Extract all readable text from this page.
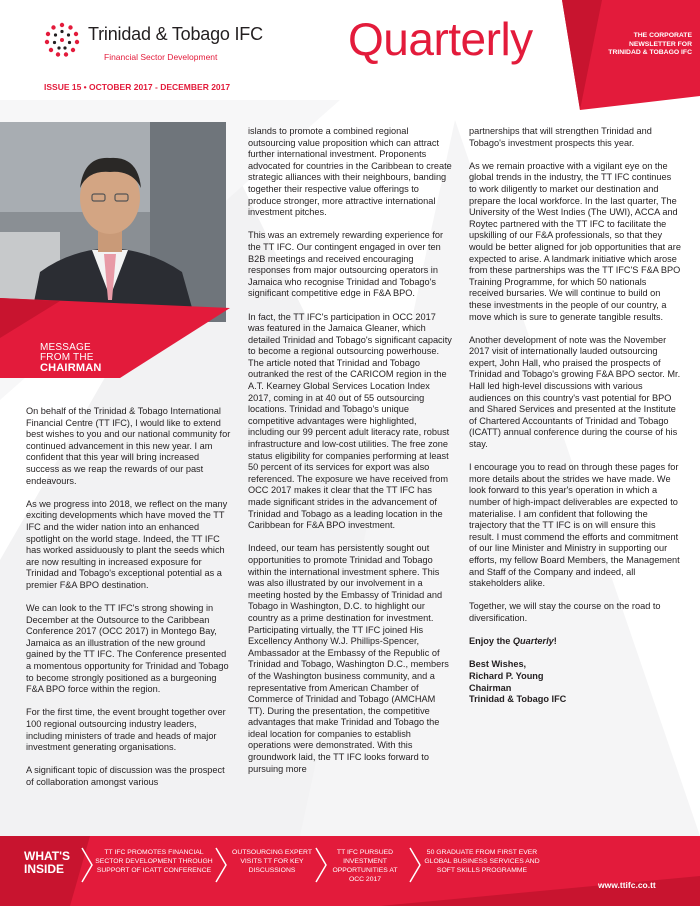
Trinidad & Tobago IFC
Financial Sector Development	Quarterly	THE CORPORATE NEWSLETTER FOR TRINIDAD & TOBAGO IFC
ISSUE 15 • OCTOBER 2017 - DECEMBER 2017
MESSAGE
FROM THE
CHAIRMAN

On behalf of the Trinidad & Tobago International Financial Centre (TT IFC), I would like to extend best wishes to you and our national community for continued advancement in this new year. I am confident that this year will bring increased success as we reap the rewards of our past endeavours.

As we progress into 2018, we reflect on the many exciting developments which have moved the TT IFC and the wider nation into an enhanced spotlight on the world stage. Indeed, the TT IFC has worked assiduously to plant the seeds which are now resulting in increased exposure for Trinidad and Tobago's exceptional potential as a premier F&A BPO destination.

We can look to the TT IFC's strong showing in December at the Outsource to the Caribbean Conference 2017 (OCC 2017) in Montego Bay, Jamaica as an illustration of the new ground gained by the TT IFC. The Conference presented a momentous opportunity for Trinidad and Tobago to become strongly positioned as a burgeoning F&A BPO force within the region.

For the first time, the event brought together over 100 regional outsourcing industry leaders, including ministers of trade and heads of major investment generating organisations.

A significant topic of discussion was the prospect of collaboration amongst various

islands to promote a combined regional outsourcing value proposition which can attract further international investment. Proponents advocated for countries in the Caribbean to create strategic alliances with their neighbours, banding together their respective value offerings to produce stronger, more attractive international investment pitches.

This was an extremely rewarding experience for the TT IFC. Our contingent engaged in over ten B2B meetings and received encouraging responses from major outsourcing operators in Jamaica who recognise Trinidad and Tobago's significant competitive edge in F&A BPO.

In fact, the TT IFC's participation in OCC 2017 was featured in the Jamaica Gleaner, which detailed Trinidad and Tobago's significant capacity to become a regional outsourcing powerhouse. The article noted that Trinidad and Tobago outranked the rest of the CARICOM region in the A.T. Kearney Global Services Location Index 2017, coming in at 40 out of 55 outsourcing locations. Trinidad and Tobago's unique competitive advantages were highlighted, including our 99 percent adult literacy rate, robust infrastructure and low-cost utilities. The free zone status eligibility for companies performing at least 50 percent of its services for export was also referenced. The exposure we have received from OCC 2017 makes it clear that the TT IFC has made significant strides in the advancement of Trinidad and Tobago as a leading location in the Caribbean for F&A BPO investment.

Indeed, our team has persistently sought out opportunities to promote Trinidad and Tobago within the international investment sphere. This was also illustrated by our involvement in a meeting hosted by the Embassy of Trinidad and Tobago in Washington, D.C. to highlight our country as a prime destination for investment. Participating virtually, the TT IFC joined His Excellency Anthony W.J. Phillips-Spencer, Ambassador at the Embassy of the Republic of Trinidad and Tobago, Washington D.C., members of the Washington business community, and a representative from American Chamber of Commerce of Trinidad and Tobago (AMCHAM TT). During the presentation, the competitive advantages that make Trinidad and Tobago the ideal location for companies to establish operations were demonstrated. With this groundwork laid, the TT IFC looks forward to pursuing more

partnerships that will strengthen Trinidad and Tobago's investment prospects this year.

As we remain proactive with a vigilant eye on the global trends in the industry, the TT IFC continues to work diligently to market our destination and prepare the local workforce. In the last quarter, The University of the West Indies (The UWI), ACCA and Roytec partnered with the TT IFC to facilitate the upskilling of our F&A professionals, so that they would be better aligned for job opportunities that are expected to arise. A landmark initiative which arose from these partnerships was the TT IFC'S F&A BPO Training Programme, for which 50 nationals received bursaries. We will continue to build on these investments in the people of our country, a move which is sure to generate tangible results.

Another development of note was the November 2017 visit of internationally lauded outsourcing expert, John Hall, who praised the prospects of Trinidad and Tobago's growing F&A BPO sector. Mr. Hall led high-level discussions with various audiences on this country's vast potential for BPO and Shared Services and presented at the Institute of Chartered Accountants of Trinidad and Tobago (ICATT) annual conference during the course of his stay.

I encourage you to read on through these pages for more details about the strides we have made. We look forward to this year's operation in which a number of high-impact deliverables are expected to materialise. I am confident that following the trajectory that the TT IFC is on will ensure this result. I must commend the efforts and commitment of our line Minister and Ministry in supporting our efforts, my fellow Board Members, the Management and Staff of the Company and indeed, all stakeholders alike.

Together, we will stay the course on the road to diversification.

Enjoy the Quarterly!

Best Wishes,
Richard P. Young
Chairman
Trinidad & Tobago IFC
WHAT'S
INSIDE
TT IFC PROMOTES FINANCIAL SECTOR DEVELOPMENT THROUGH SUPPORT OF ICATT CONFERENCE
OUTSOURCING EXPERT VISITS TT FOR KEY DISCUSSIONS
TT IFC PURSUED INVESTMENT OPPORTUNITIES AT OCC 2017
50 GRADUATE FROM FIRST EVER GLOBAL BUSINESS SERVICES AND SOFT SKILLS PROGRAMME
www.ttifc.co.tt
